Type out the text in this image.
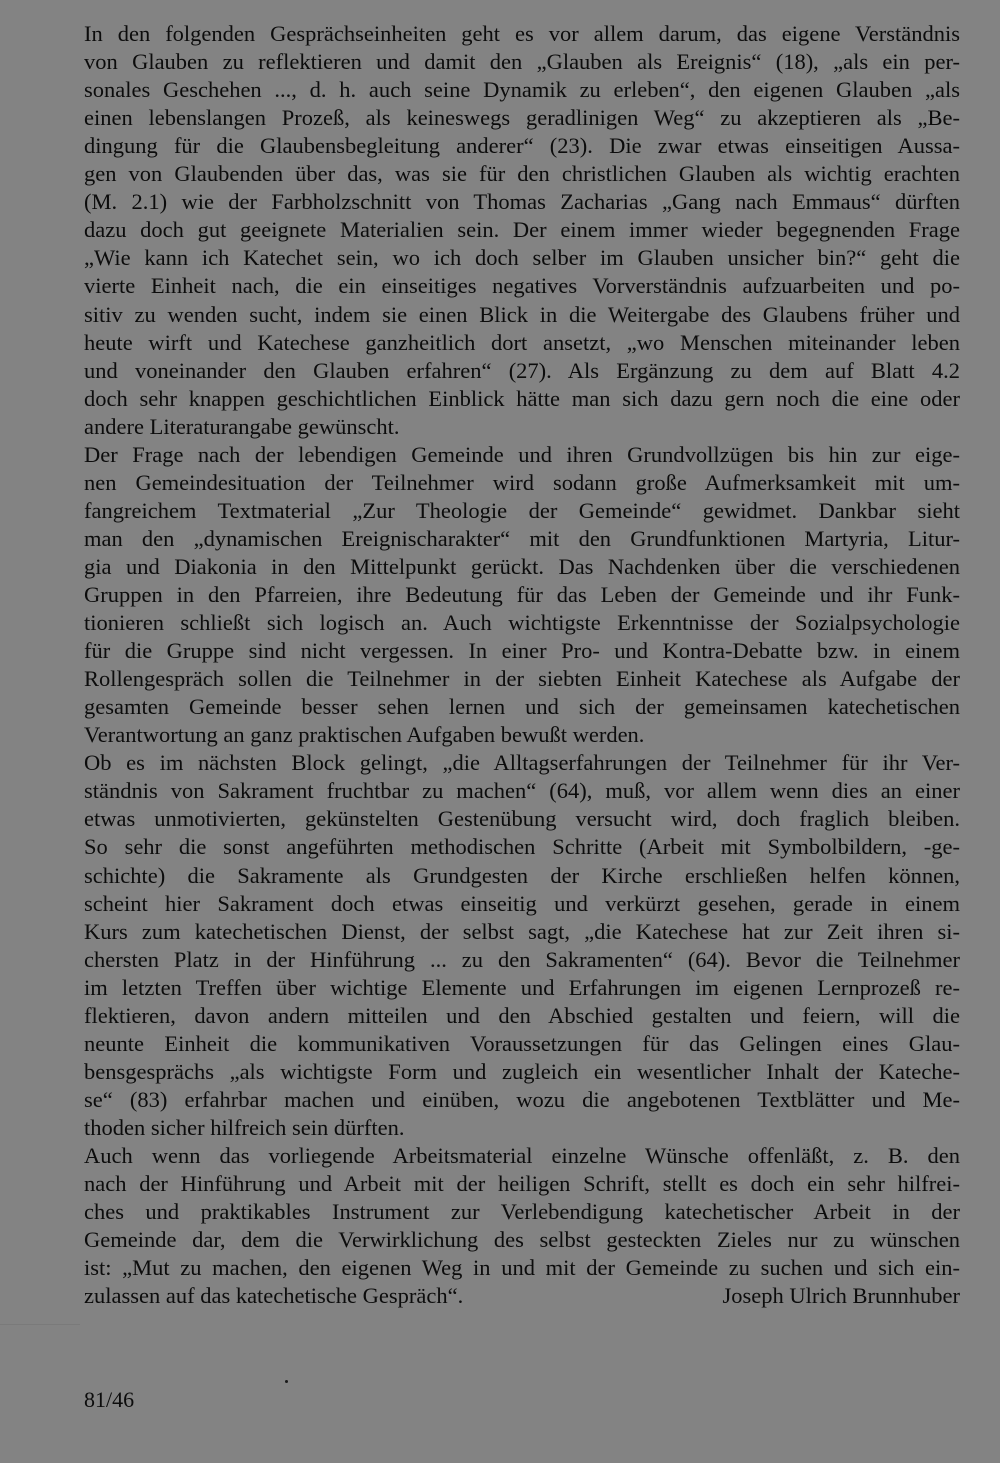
In den folgenden Gesprächseinheiten geht es vor allem darum, das eigene Verständnis
von Glauben zu reflektieren und damit den „Glauben als Ereignis“ (18), „als ein per-
sonales Geschehen ..., d. h. auch seine Dynamik zu erleben“, den eigenen Glauben „als
einen lebenslangen Prozeß, als keineswegs geradlinigen Weg“ zu akzeptieren als „Be-
dingung für die Glaubensbegleitung anderer“ (23). Die zwar etwas einseitigen Aussa-
gen von Glaubenden über das, was sie für den christlichen Glauben als wichtig erachten
(M. 2.1) wie der Farbholzschnitt von Thomas Zacharias „Gang nach Emmaus“ dürften
dazu doch gut geeignete Materialien sein. Der einem immer wieder begegnenden Frage
„Wie kann ich Katechet sein, wo ich doch selber im Glauben unsicher bin?“ geht die
vierte Einheit nach, die ein einseitiges negatives Vorverständnis aufzuarbeiten und po-
sitiv zu wenden sucht, indem sie einen Blick in die Weitergabe des Glaubens früher und
heute wirft und Katechese ganzheitlich dort ansetzt, „wo Menschen miteinander leben
und voneinander den Glauben erfahren“ (27). Als Ergänzung zu dem auf Blatt 4.2
doch sehr knappen geschichtlichen Einblick hätte man sich dazu gern noch die eine oder
andere Literaturangabe gewünscht.
Der Frage nach der lebendigen Gemeinde und ihren Grundvollzügen bis hin zur eige-
nen Gemeindesituation der Teilnehmer wird sodann große Aufmerksamkeit mit um-
fangreichem Textmaterial „Zur Theologie der Gemeinde“ gewidmet. Dankbar sieht
man den „dynamischen Ereignischarakter“ mit den Grundfunktionen Martyria, Litur-
gia und Diakonia in den Mittelpunkt gerückt. Das Nachdenken über die verschiedenen
Gruppen in den Pfarreien, ihre Bedeutung für das Leben der Gemeinde und ihr Funk-
tionieren schließt sich logisch an. Auch wichtigste Erkenntnisse der Sozialpsychologie
für die Gruppe sind nicht vergessen. In einer Pro- und Kontra-Debatte bzw. in einem
Rollengespräch sollen die Teilnehmer in der siebten Einheit Katechese als Aufgabe der
gesamten Gemeinde besser sehen lernen und sich der gemeinsamen katechetischen
Verantwortung an ganz praktischen Aufgaben bewußt werden.
Ob es im nächsten Block gelingt, „die Alltagserfahrungen der Teilnehmer für ihr Ver-
ständnis von Sakrament fruchtbar zu machen“ (64), muß, vor allem wenn dies an einer
etwas unmotivierten, gekünstelten Gestenübung versucht wird, doch fraglich bleiben.
So sehr die sonst angeführten methodischen Schritte (Arbeit mit Symbolbildern, -ge-
schichte) die Sakramente als Grundgesten der Kirche erschließen helfen können,
scheint hier Sakrament doch etwas einseitig und verkürzt gesehen, gerade in einem
Kurs zum katechetischen Dienst, der selbst sagt, „die Katechese hat zur Zeit ihren si-
chersten Platz in der Hinführung ... zu den Sakramenten“ (64). Bevor die Teilnehmer
im letzten Treffen über wichtige Elemente und Erfahrungen im eigenen Lernprozeß re-
flektieren, davon andern mitteilen und den Abschied gestalten und feiern, will die
neunte Einheit die kommunikativen Voraussetzungen für das Gelingen eines Glau-
bensgesprächs „als wichtigste Form und zugleich ein wesentlicher Inhalt der Kateche-
se“ (83) erfahrbar machen und einüben, wozu die angebotenen Textblätter und Me-
thoden sicher hilfreich sein dürften.
Auch wenn das vorliegende Arbeitsmaterial einzelne Wünsche offenläßt, z. B. den
nach der Hinführung und Arbeit mit der heiligen Schrift, stellt es doch ein sehr hilfrei-
ches und praktikables Instrument zur Verlebendigung katechetischer Arbeit in der
Gemeinde dar, dem die Verwirklichung des selbst gesteckten Zieles nur zu wünschen
ist: „Mut zu machen, den eigenen Weg in und mit der Gemeinde zu suchen und sich ein-
zulassen auf das katechetische Gespräch“.	Joseph Ulrich Brunnhuber
81/46
